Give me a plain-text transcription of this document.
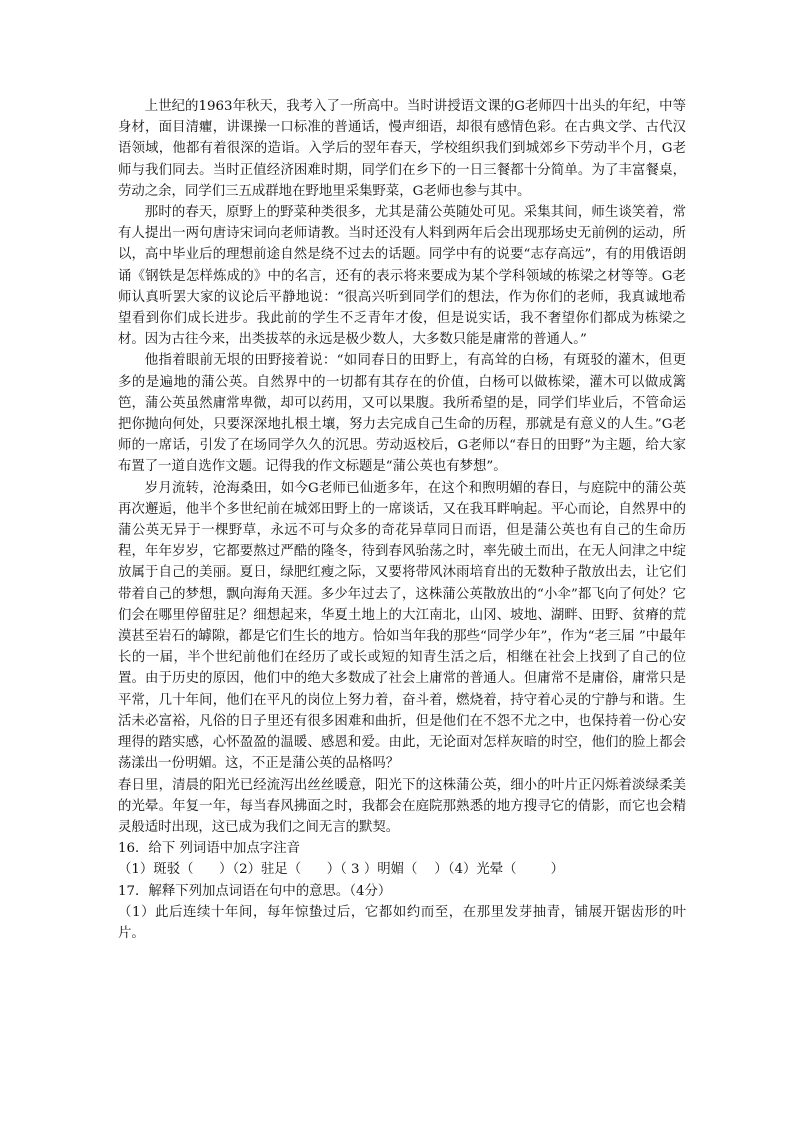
上世纪的1963年秋天，我考入了一所高中。当时讲授语文课的G老师四十出头的年纪，中等身材，面目清癯，讲课操一口标准的普通话，慢声细语，却很有感情色彩。在古典文学、古代汉语领域，他都有着很深的造诣。入学后的翌年春天，学校组织我们到城郊乡下劳动半个月，G老师与我们同去。当时正值经济困难时期，同学们在乡下的一日三餐都十分简单。为了丰富餐桌，劳动之余，同学们三五成群地在野地里采集野菜，G老师也参与其中。

那时的春天，原野上的野菜种类很多，尤其是蒲公英随处可见。采集其间，师生谈笑着，常有人提出一两句唐诗宋词向老师请教。当时还没有人料到两年后会出现那场史无前例的运动，所以，高中毕业后的理想前途自然是绕不过去的话题。同学中有的说要“志存高远”，有的用俄语朗诵《钢铁是怎样炼成的》中的名言，还有的表示将来要成为某个学科领域的栋梁之材等等。G老师认真听罢大家的议论后平静地说：“很高兴听到同学们的想法，作为你们的老师，我真诚地希望看到你们成长进步。我此前的学生不乏青年才俊，但是说实话，我不奢望你们都成为栋梁之材。因为古往今来，出类拔萃的永远是极少数人，大多数只能是庸常的普通人。”

他指着眼前无垠的田野接着说：“如同春日的田野上，有高耸的白杨，有斑驳的灌木，但更多的是遍地的蒲公英。自然界中的一切都有其存在的价值，白杨可以做栋梁，灌木可以做成篱笆，蒲公英虽然庸常卑微，却可以药用，又可以果腹。我所希望的是，同学们毕业后，不管命运把你抛向何处，只要深深地扎根土壤，努力去完成自己生命的历程，那就是有意义的人生。”G老师的一席话，引发了在场同学久久的沉思。劳动返校后，G老师以“春日的田野”为主题，给大家布置了一道自选作文题。记得我的作文标题是“蒲公英也有梦想”。

岁月流转，沧海桑田，如今G老师已仙逝多年，在这个和煦明媚的春日，与庭院中的蒲公英再次邂逅，他半个多世纪前在城郊田野上的一席谈话，又在我耳畔响起。平心而论，自然界中的蒲公英无异于一棵野草，永远不可与众多的奇花异草同日而语，但是蒲公英也有自己的生命历程，年年岁岁，它都要熬过严酷的隆冬，待到春风骀荡之时，率先破土而出，在无人问津之中绽放属于自己的美丽。夏日，绿肥红瘦之际，又要将带风沐雨培育出的无数种子散放出去，让它们带着自己的梦想，飘向海角天涯。多少年过去了，这株蒲公英散放出的“小伞”都飞向了何处？它们会在哪里停留驻足？细想起来，华夏土地上的大江南北，山冈、坡地、湖畔、田野、贫瘠的荒漠甚至岩石的罅隙，都是它们生长的地方。恰如当年我的那些“同学少年”，作为“老三届 ”中最年长的一届，半个世纪前他们在经历了或长或短的知青生活之后，相继在社会上找到了自己的位置。由于历史的原因，他们中的绝大多数成了社会上庸常的普通人。但庸常不是庸俗，庸常只是平常，几十年间，他们在平凡的岗位上努力着，奋斗着，燃烧着，持守着心灵的宁静与和谐。生活未必富裕，凡俗的日子里还有很多困难和曲折，但是他们在不怨不尤之中，也保持着一份心安理得的踏实感，心怀盈盈的温暖、感恩和爱。由此，无论面对怎样灰暗的时空，他们的脸上都会荡漾出一份明媚。这，不正是蒲公英的品格吗？

春日里，清晨的阳光已经流泻出丝丝暖意，阳光下的这株蒲公英，细小的叶片正闪烁着淡绿柔美的光晕。年复一年，每当春风拂面之时，我都会在庭院那熟悉的地方搜寻它的倩影，而它也会精灵般适时出现，这已成为我们之间无言的默契。

16．给下 列词语中加点字注音

（1）斑驳（      ）（2）驻足（      ）（ 3 ）明媚（    ）（4）光晕（        ）

17．解释下列加点词语在句中的意思。（4分）

（1）此后连续十年间，每年惊蛰过后，它都如约而至，在那里发芽抽青，铺展开锯齿形的叶片。
